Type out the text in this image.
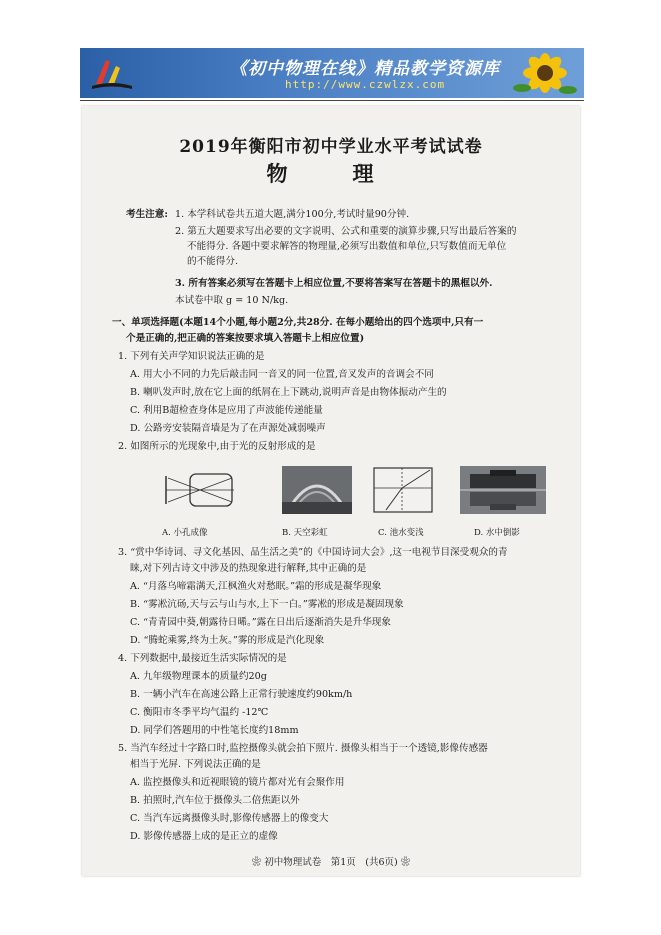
《初中物理在线》精品教学资源库
http://www.czwlzx.com
2019年衡阳市初中学业水平考试试卷
物　理
考生注意: 1. 本学科试卷共五道大题,满分100分,考试时量90分钟.
2. 第五大题要求写出必要的文字说明、公式和重要的演算步骤,只写出最后答案的
不能得分. 各题中要求解答的物理量,必须写出数值和单位,只写数值而无单位
的不能得分.
3. 所有答案必须写在答题卡上相应位置,不要将答案写在答题卡的黑框以外.
本试卷中取 g = 10 N/kg.
一、单项选择题(本题14个小题,每小题2分,共28分. 在每小题给出的四个选项中,只有一
个是正确的,把正确的答案按要求填入答题卡上相应位置)
1. 下列有关声学知识说法正确的是
A. 用大小不同的力先后敲击同一音叉的同一位置,音叉发声的音调会不同
B. 喇叭发声时,放在它上面的纸屑在上下跳动,说明声音是由物体振动产生的
C. 利用B超检查身体是应用了声波能传递能量
D. 公路旁安装隔音墙是为了在声源处减弱噪声
2. 如图所示的光现象中,由于光的反射形成的是
A. 小孔成像	B. 天空彩虹	C. 池水变浅	D. 水中倒影
3. “赏中华诗词、寻文化基因、品生活之美”的《中国诗词大会》,这一电视节目深受观众的青
睐,对下列古诗文中涉及的热现象进行解释,其中正确的是
A. “月落乌啼霜满天,江枫渔火对愁眠。”霜的形成是凝华现象
B. “雾凇沆砀,天与云与山与水,上下一白。”雾凇的形成是凝固现象
C. “青青园中葵,朝露待日晞。”露在日出后逐渐消失是升华现象
D. “腾蛇乘雾,终为土灰。”雾的形成是汽化现象
4. 下列数据中,最接近生活实际情况的是
A. 九年级物理课本的质量约20g
B. 一辆小汽车在高速公路上正常行驶速度约90km/h
C. 衡阳市冬季平均气温约 -12℃
D. 同学们答题用的中性笔长度约18mm
5. 当汽车经过十字路口时,监控摄像头就会拍下照片. 摄像头相当于一个透镜,影像传感器
相当于光屏. 下列说法正确的是
A. 监控摄像头和近视眼镜的镜片都对光有会聚作用
B. 拍照时,汽车位于摄像头二倍焦距以外
C. 当汽车远离摄像头时,影像传感器上的像变大
D. 影像传感器上成的是正立的虚像
❀ 初中物理试卷　第1页　(共6页) ❀
